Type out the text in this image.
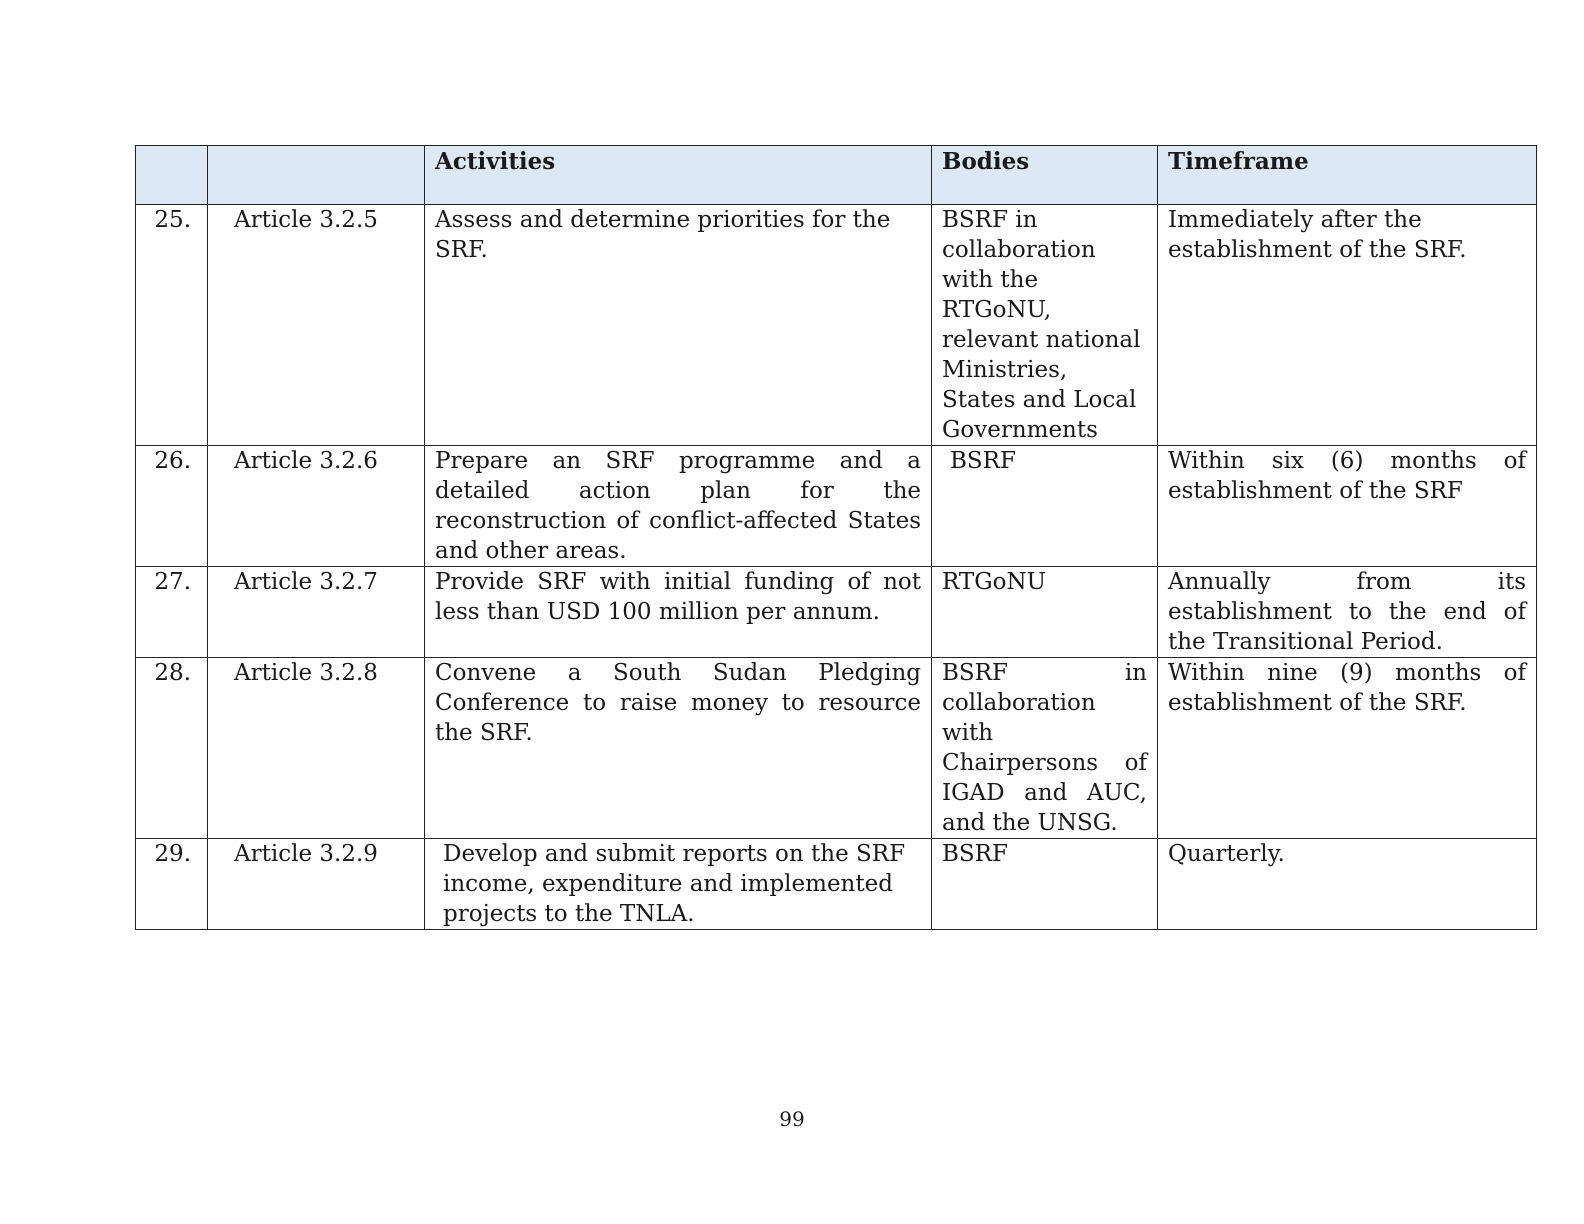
		Activities	Bodies	Timeframe

25.	Article 3.2.5	Assess and determine priorities for the SRF.	BSRF in collaboration with the RTGoNU, relevant national Ministries, States and Local Governments	Immediately after the establishment of the SRF.
26.	Article 3.2.6	Prepare an SRF programme and a detailed action plan for the reconstruction of conflict-affected States and other areas.	BSRF	Within six (6) months of establishment of the SRF
27.	Article 3.2.7	Provide SRF with initial funding of not less than USD 100 million per annum.	RTGoNU	Annually from its establishment to the end of the Transitional Period.
28.	Article 3.2.8	Convene a South Sudan Pledging Conference to raise money to resource the SRF.	BSRF in collaboration with Chairpersons of IGAD and AUC, and the UNSG.	Within nine (9) months of establishment of the SRF.
29.	Article 3.2.9	Develop and submit reports on the SRF income, expenditure and implemented projects to the TNLA.	BSRF	Quarterly.
99
